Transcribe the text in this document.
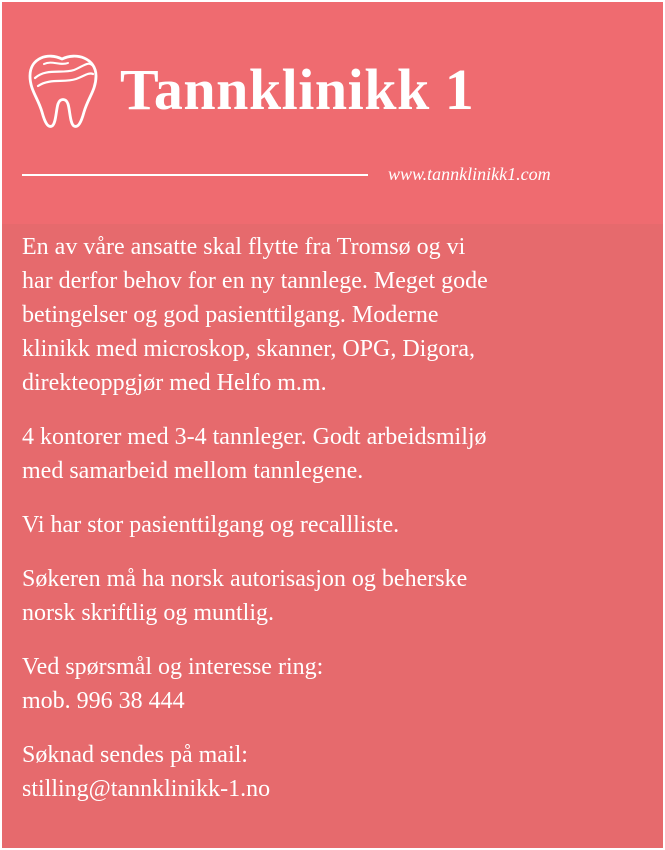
Tannklinikk 1
www.tannklinikk1.com

En av våre ansatte skal flytte fra Tromsø og vi
har derfor behov for en ny tannlege. Meget gode
betingelser og god pasienttilgang. Moderne
klinikk med microskop, skanner, OPG, Digora,
direkteoppgjør med Helfo m.m.

4 kontorer med 3-4 tannleger. Godt arbeidsmiljø
med samarbeid mellom tannlegene.

Vi har stor pasienttilgang og recallliste.

Søkeren må ha norsk autorisasjon og beherske
norsk skriftlig og muntlig.

Ved spørsmål og interesse ring:
mob. 996 38 444

Søknad sendes på mail:
stilling@tannklinikk-1.no
